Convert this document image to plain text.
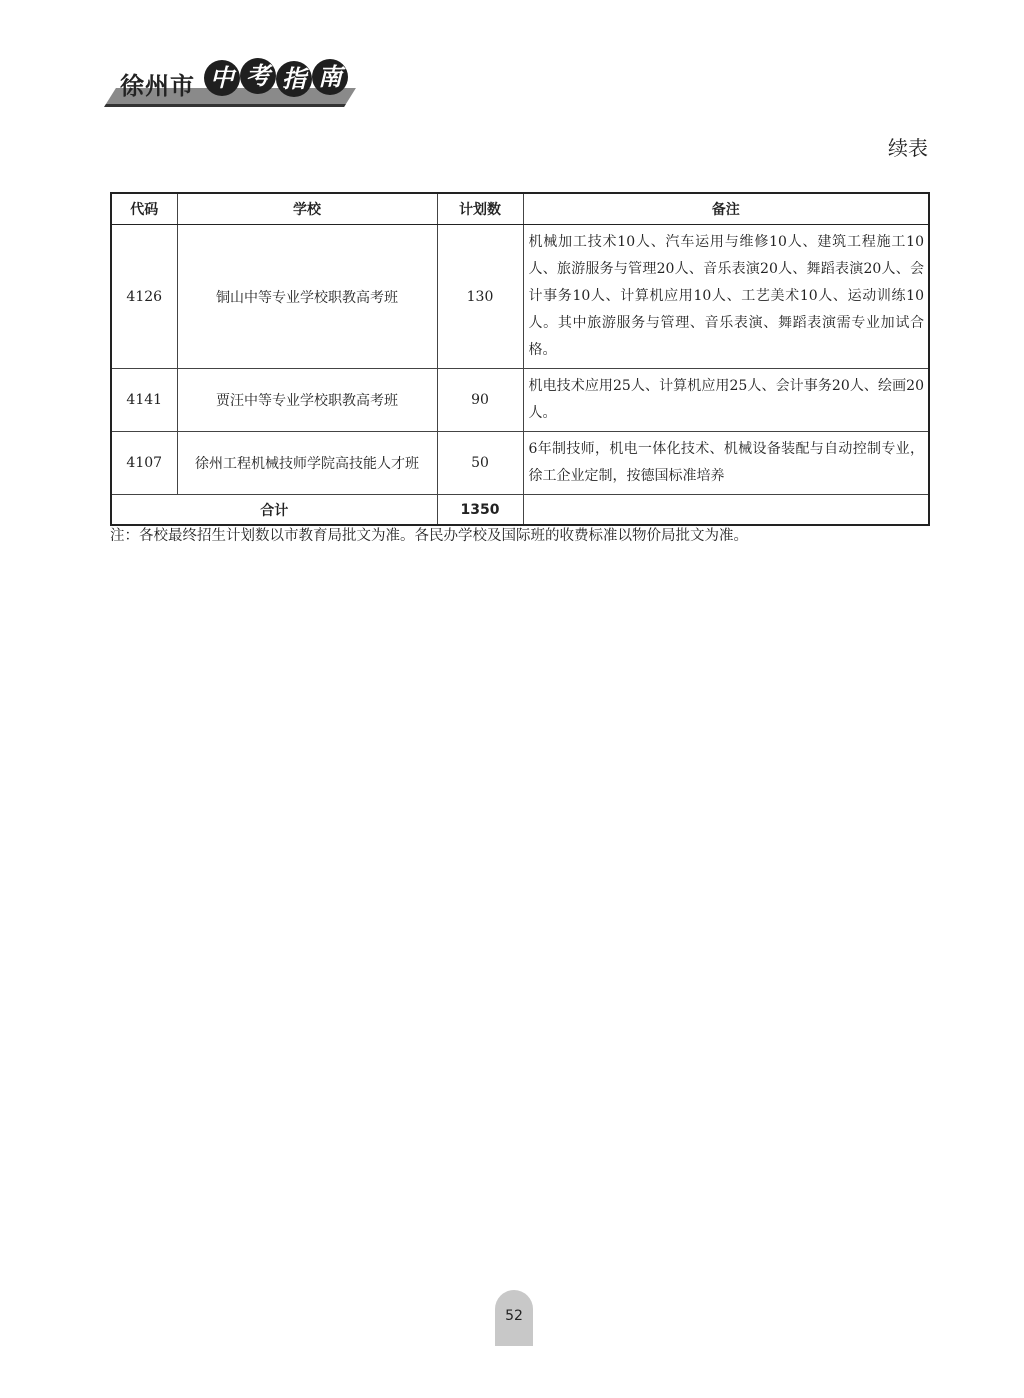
徐州市 中 考 指 南
续表
代码	学校	计划数	备注
4126	铜山中等专业学校职教高考班	130	机械加工技术10人、汽车运用与维修10人、建筑工程施工10人、旅游服务与管理20人、音乐表演20人、舞蹈表演20人、会计事务10人、计算机应用10人、工艺美术10人、运动训练10人。其中旅游服务与管理、音乐表演、舞蹈表演需专业加试合格。
4141	贾汪中等专业学校职教高考班	90	机电技术应用25人、计算机应用25人、会计事务20人、绘画20人。
4107	徐州工程机械技师学院高技能人才班	50	6年制技师，机电一体化技术、机械设备装配与自动控制专业，徐工企业定制，按德国标准培养
合计		1350	
注：各校最终招生计划数以市教育局批文为准。各民办学校及国际班的收费标准以物价局批文为准。
52
